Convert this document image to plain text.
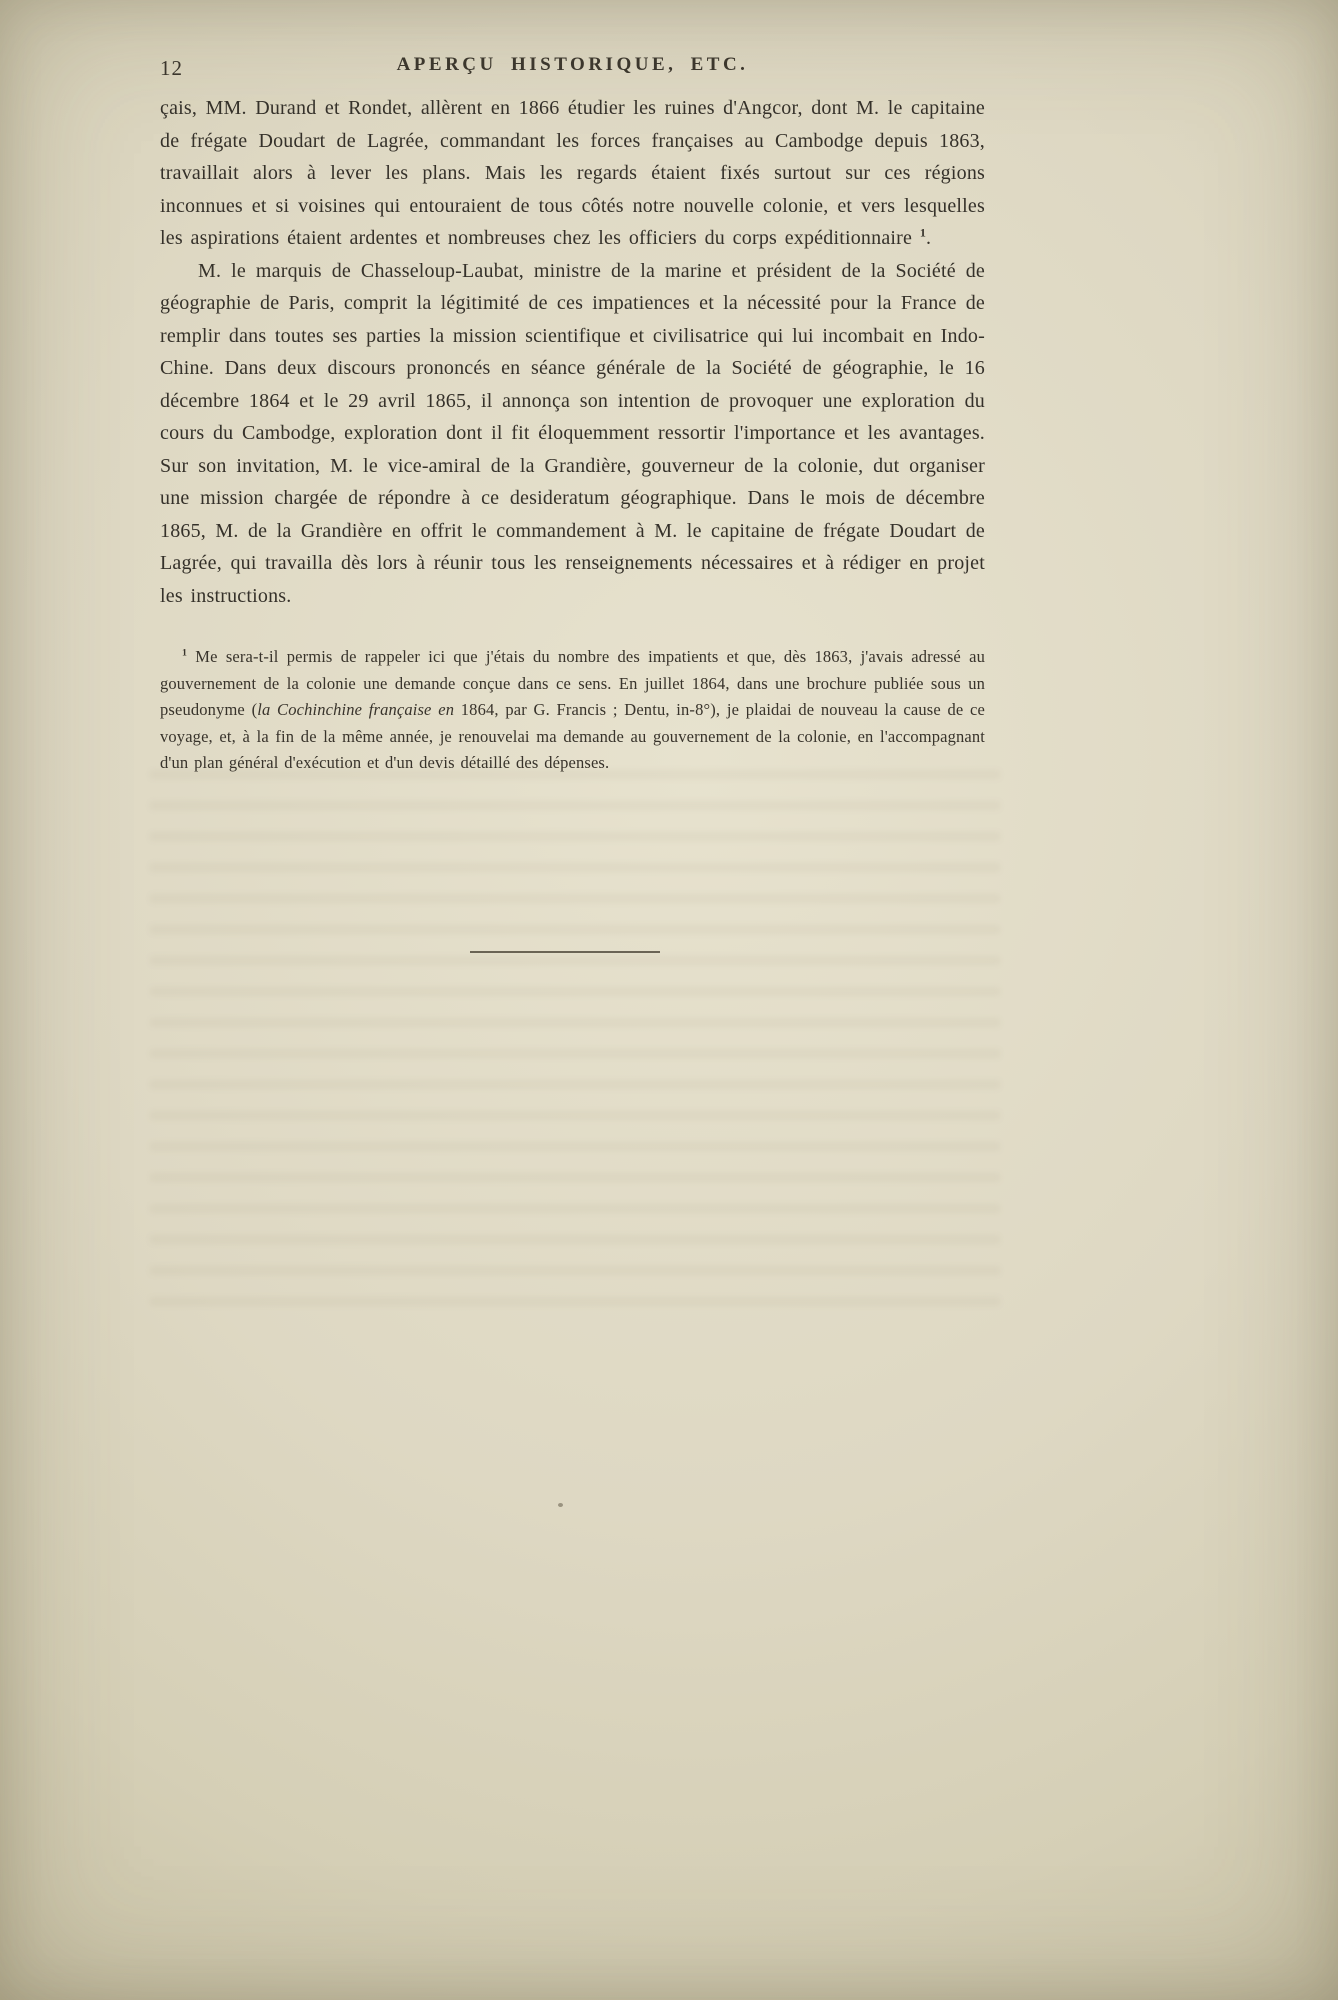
12	APERÇU HISTORIQUE, ETC.

çais, MM. Durand et Rondet, allèrent en 1866 étudier les ruines d'Angcor, dont M. le capitaine de frégate Doudart de Lagrée, commandant les forces françaises au Cambodge depuis 1863, travaillait alors à lever les plans. Mais les regards étaient fixés surtout sur ces régions inconnues et si voisines qui entouraient de tous côtés notre nouvelle colonie, et vers lesquelles les aspirations étaient ardentes et nombreuses chez les officiers du corps expéditionnaire $^1$.

M. le marquis de Chasseloup-Laubat, ministre de la marine et président de la Société de géographie de Paris, comprit la légitimité de ces impatiences et la nécessité pour la France de remplir dans toutes ses parties la mission scientifique et civilisatrice qui lui incombait en Indo-Chine. Dans deux discours prononcés en séance générale de la Société de géographie, le 16 décembre 1864 et le 29 avril 1865, il annonça son intention de provoquer une exploration du cours du Cambodge, exploration dont il fit éloquemment ressortir l'importance et les avantages. Sur son invitation, M. le vice-amiral de la Grandière, gouverneur de la colonie, dut organiser une mission chargée de répondre à ce desideratum géographique. Dans le mois de décembre 1865, M. de la Grandière en offrit le commandement à M. le capitaine de frégate Doudart de Lagrée, qui travailla dès lors à réunir tous les renseignements nécessaires et à rédiger en projet les instructions.

$^1$ Me sera-t-il permis de rappeler ici que j'étais du nombre des impatients et que, dès 1863, j'avais adressé au gouvernement de la colonie une demande conçue dans ce sens. En juillet 1864, dans une brochure publiée sous un pseudonyme (la Cochinchine française en 1864, par G. Francis ; Dentu, in-8°), je plaidai de nouveau la cause de ce voyage, et, à la fin de la même année, je renouvelai ma demande au gouvernement de la colonie, en l'accompagnant d'un plan général d'exécution et d'un devis détaillé des dépenses.
